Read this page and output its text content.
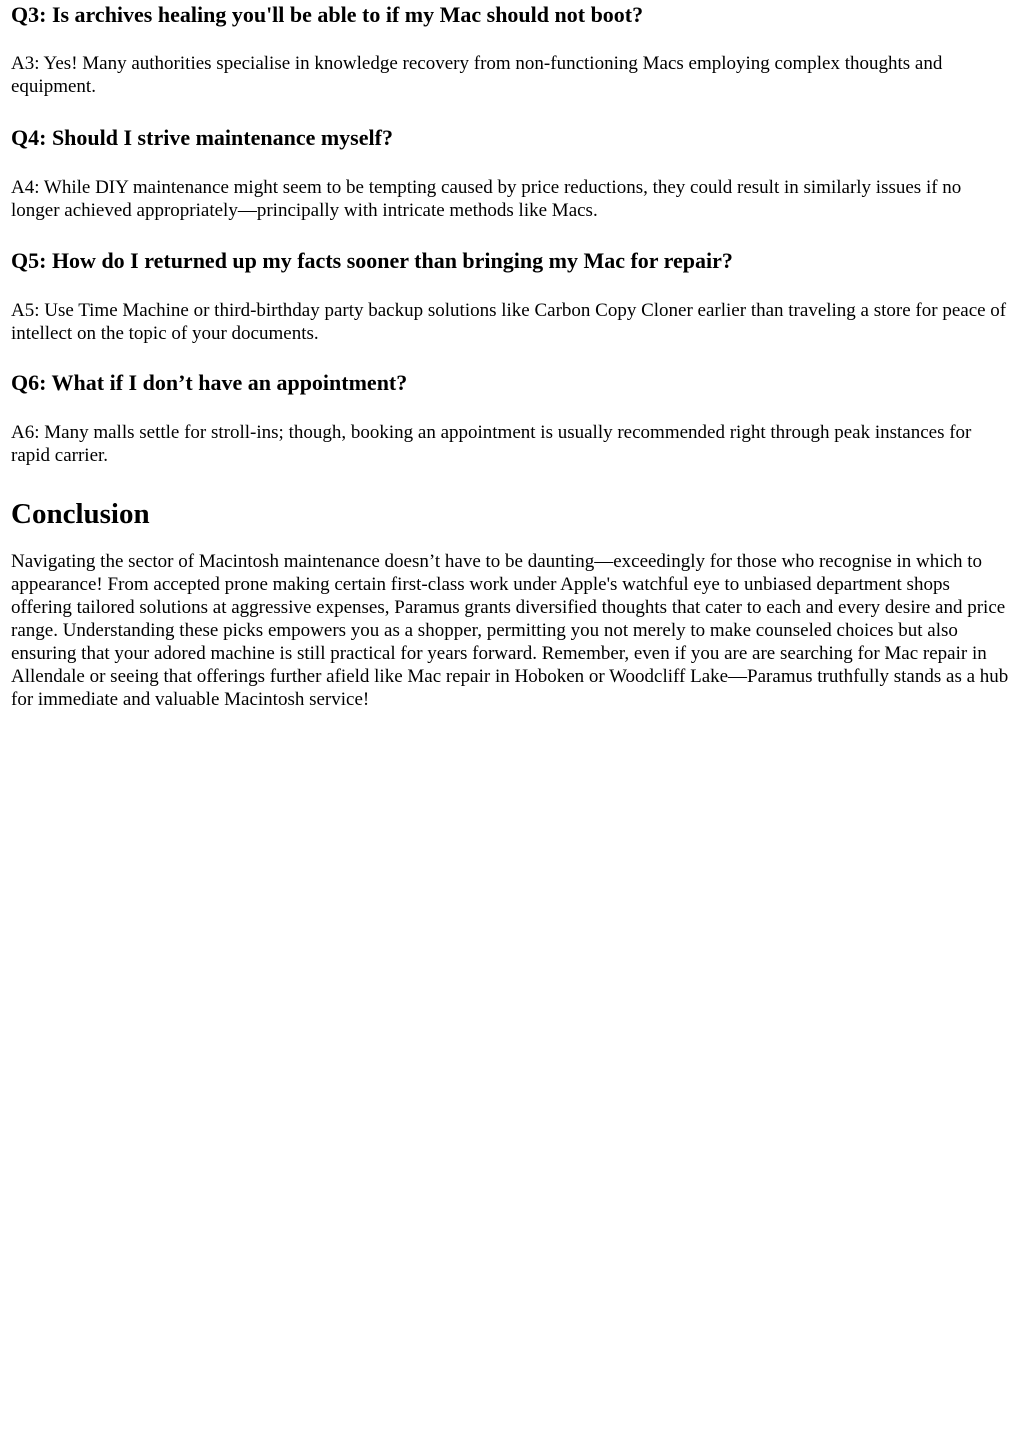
Q3: Is archives healing you'll be able to if my Mac should not boot?

A3: Yes! Many authorities specialise in knowledge recovery from non-functioning Macs employing complex thoughts and equipment.

Q4: Should I strive maintenance myself?

A4: While DIY maintenance might seem to be tempting caused by price reductions, they could result in similarly issues if no longer achieved appropriately—principally with intricate methods like Macs.

Q5: How do I returned up my facts sooner than bringing my Mac for repair?

A5: Use Time Machine or third-birthday party backup solutions like Carbon Copy Cloner earlier than traveling a store for peace of intellect on the topic of your documents.

Q6: What if I don’t have an appointment?

A6: Many malls settle for stroll-ins; though, booking an appointment is usually recommended right through peak instances for rapid carrier.

Conclusion

Navigating the sector of Macintosh maintenance doesn’t have to be daunting—exceedingly for those who recognise in which to appearance! From accepted prone making certain first-class work under Apple's watchful eye to unbiased department shops offering tailored solutions at aggressive expenses, Paramus grants diversified thoughts that cater to each and every desire and price range. Understanding these picks empowers you as a shopper, permitting you not merely to make counseled choices but also ensuring that your adored machine is still practical for years forward. Remember, even if you are are searching for Mac repair in Allendale or seeing that offerings further afield like Mac repair in Hoboken or Woodcliff Lake—Paramus truthfully stands as a hub for immediate and valuable Macintosh service!
